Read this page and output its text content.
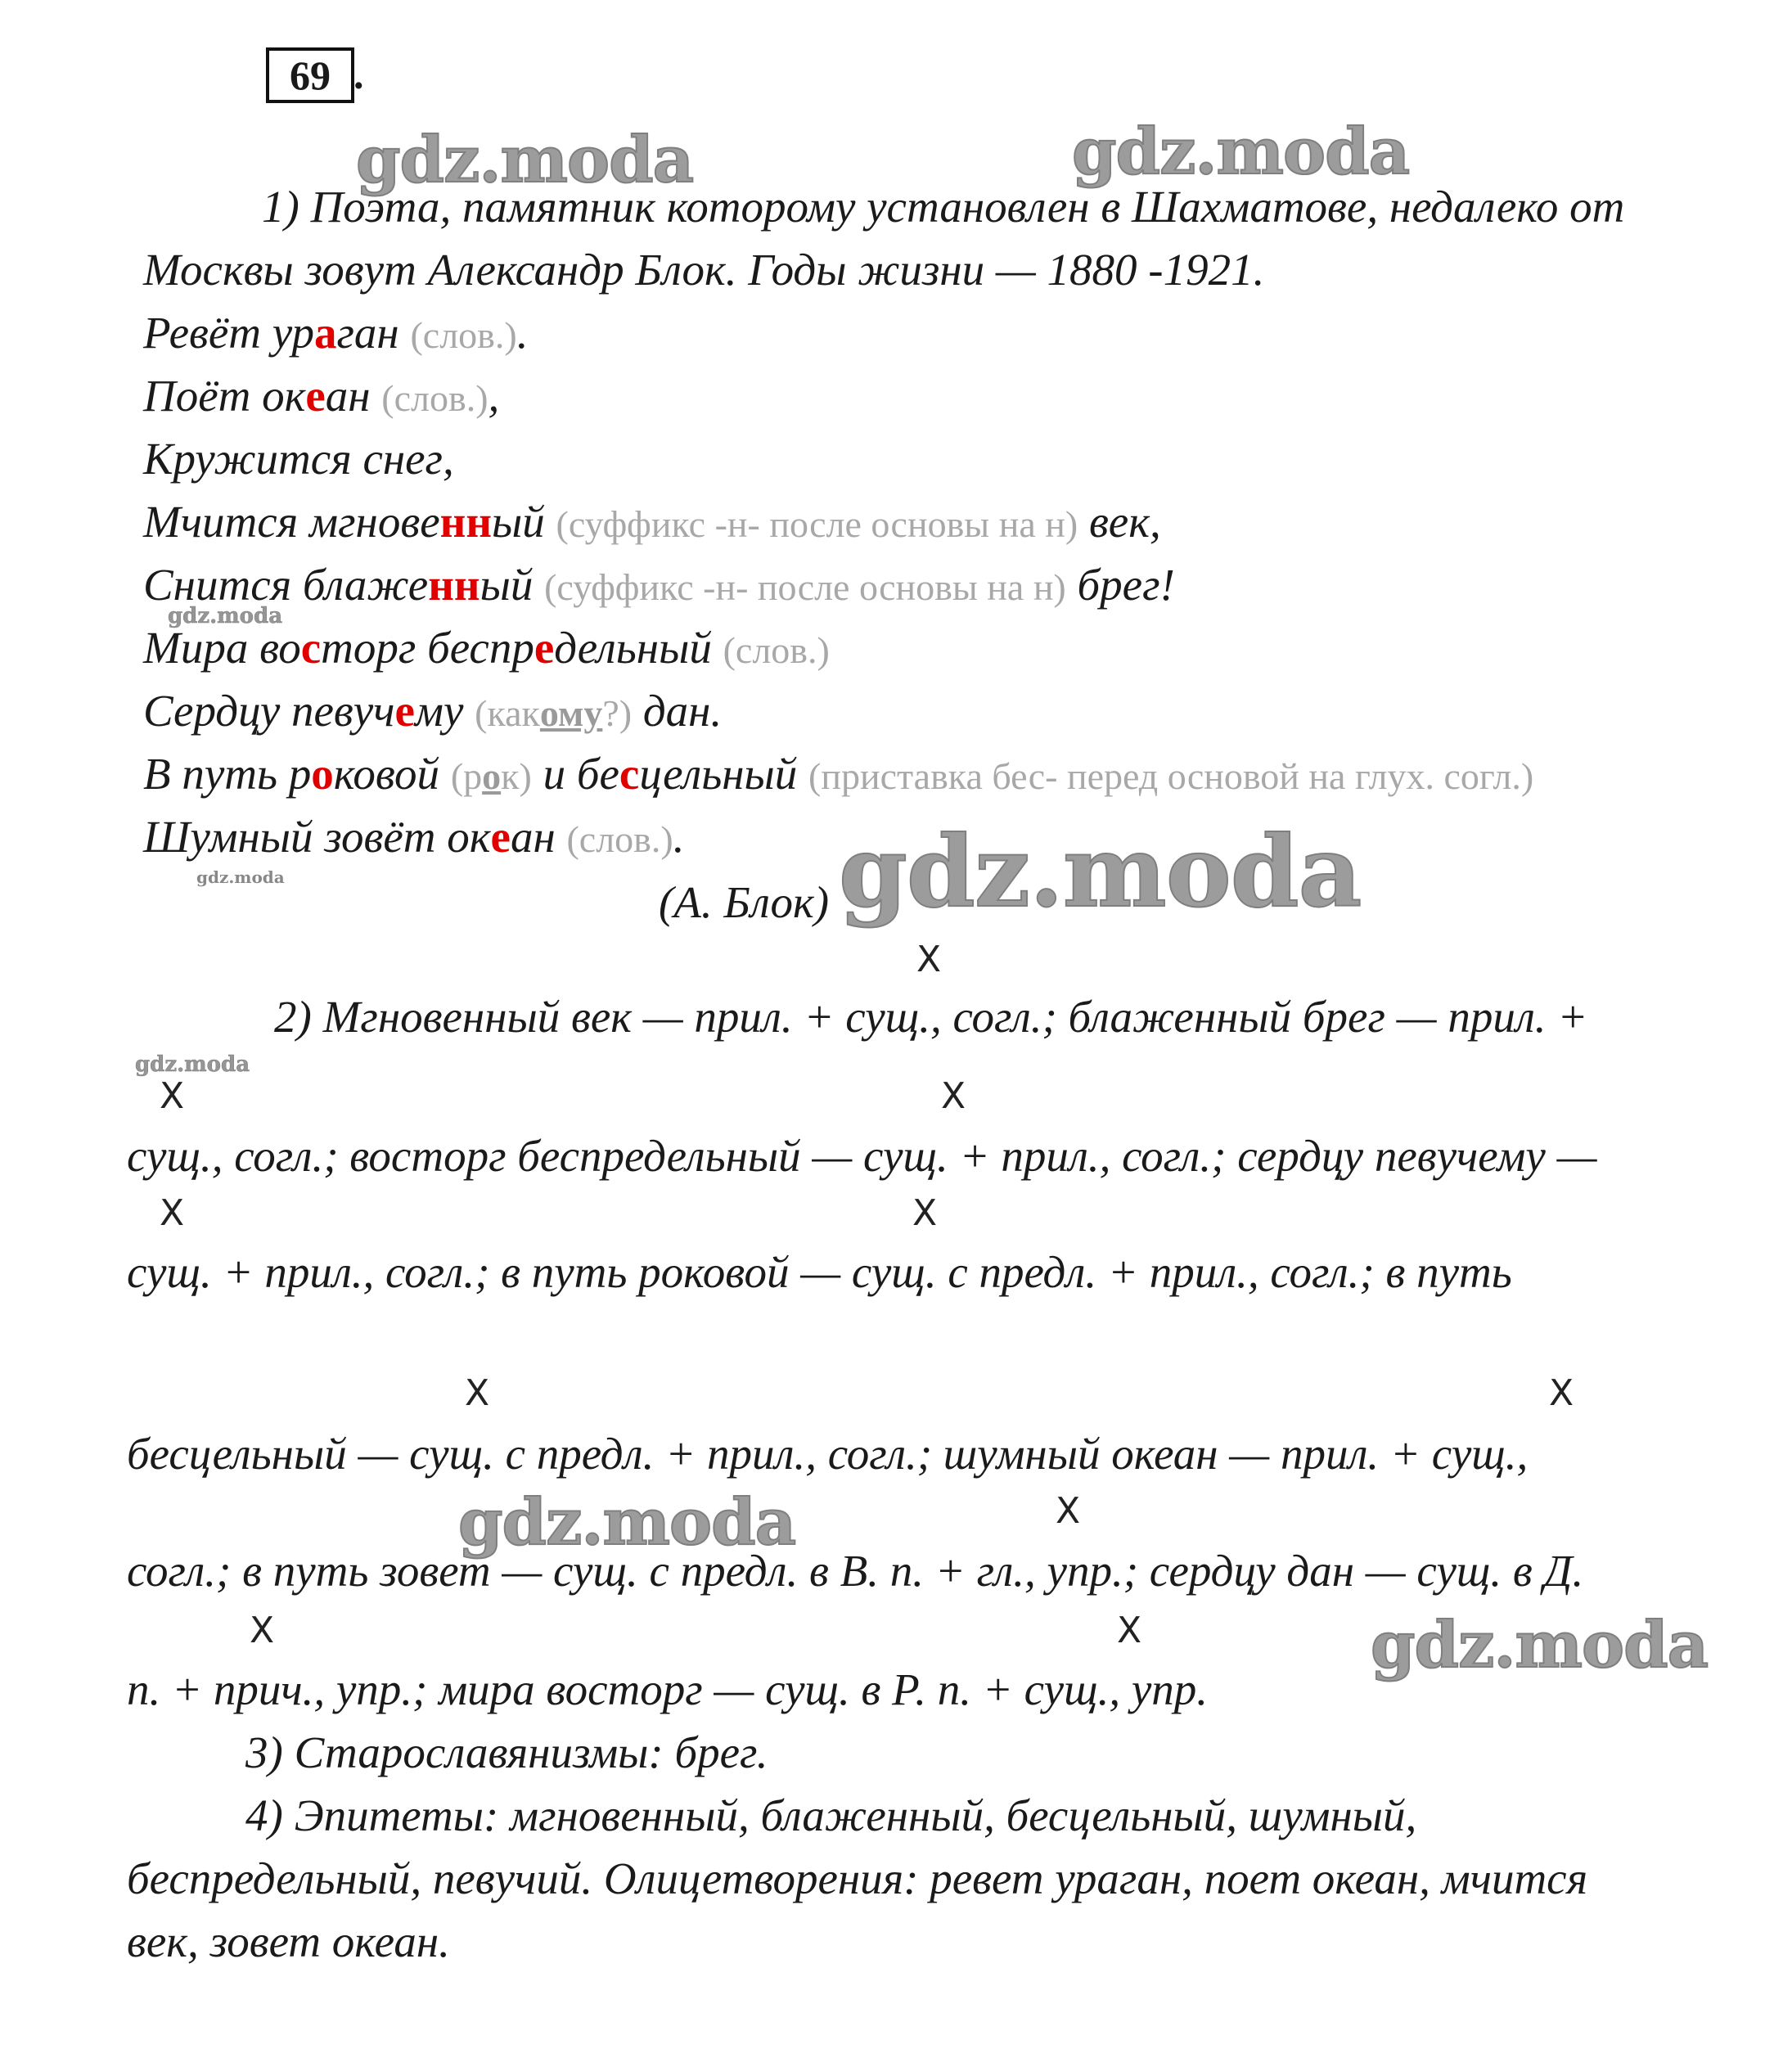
69 .
gdz.moda	gdz.moda
gdz.moda
gdz.moda
gdz.moda
gdz.moda
gdz.moda
gdz.moda
1) Поэта, памятник которому установлен в Шахматове, недалеко от
Москвы зовут Александр Блок. Годы жизни — 1880 -1921.
Ревёт ураган (слов.).
Поёт океан (слов.),
Кружится снег,
Мчится мгновенный (суффикс -н- после основы на н) век,
Снится блаженный (суффикс -н- после основы на н) брег!
Мира восторг беспредельный (слов.)
Сердцу певучему (какому?) дан.
В путь роковой (рок) и бесцельный (приставка бес- перед основой на глух. согл.)
Шумный зовёт океан (слов.).
(А. Блок)
Х
2) Мгновенный век — прил. + сущ., согл.; блаженный брег — прил. +
Х	Х
сущ., согл.; восторг беспредельный — сущ. + прил., согл.; сердцу певучему —
Х	Х
сущ. + прил., согл.; в путь роковой — сущ. с предл. + прил., согл.; в путь
Х	Х
бесцельный — сущ. с предл. + прил., согл.; шумный океан — прил. + сущ.,
Х
согл.; в путь зовет — сущ. с предл. в В. п. + гл., упр.; сердцу дан — сущ. в Д.
Х	Х
п. + прич., упр.; мира восторг — сущ. в Р. п. + сущ., упр.
3) Старославянизмы: брег.
4) Эпитеты: мгновенный, блаженный, бесцельный, шумный,
беспредельный, певучий. Олицетворения: ревет ураган, поет океан, мчится
век, зовет океан.
